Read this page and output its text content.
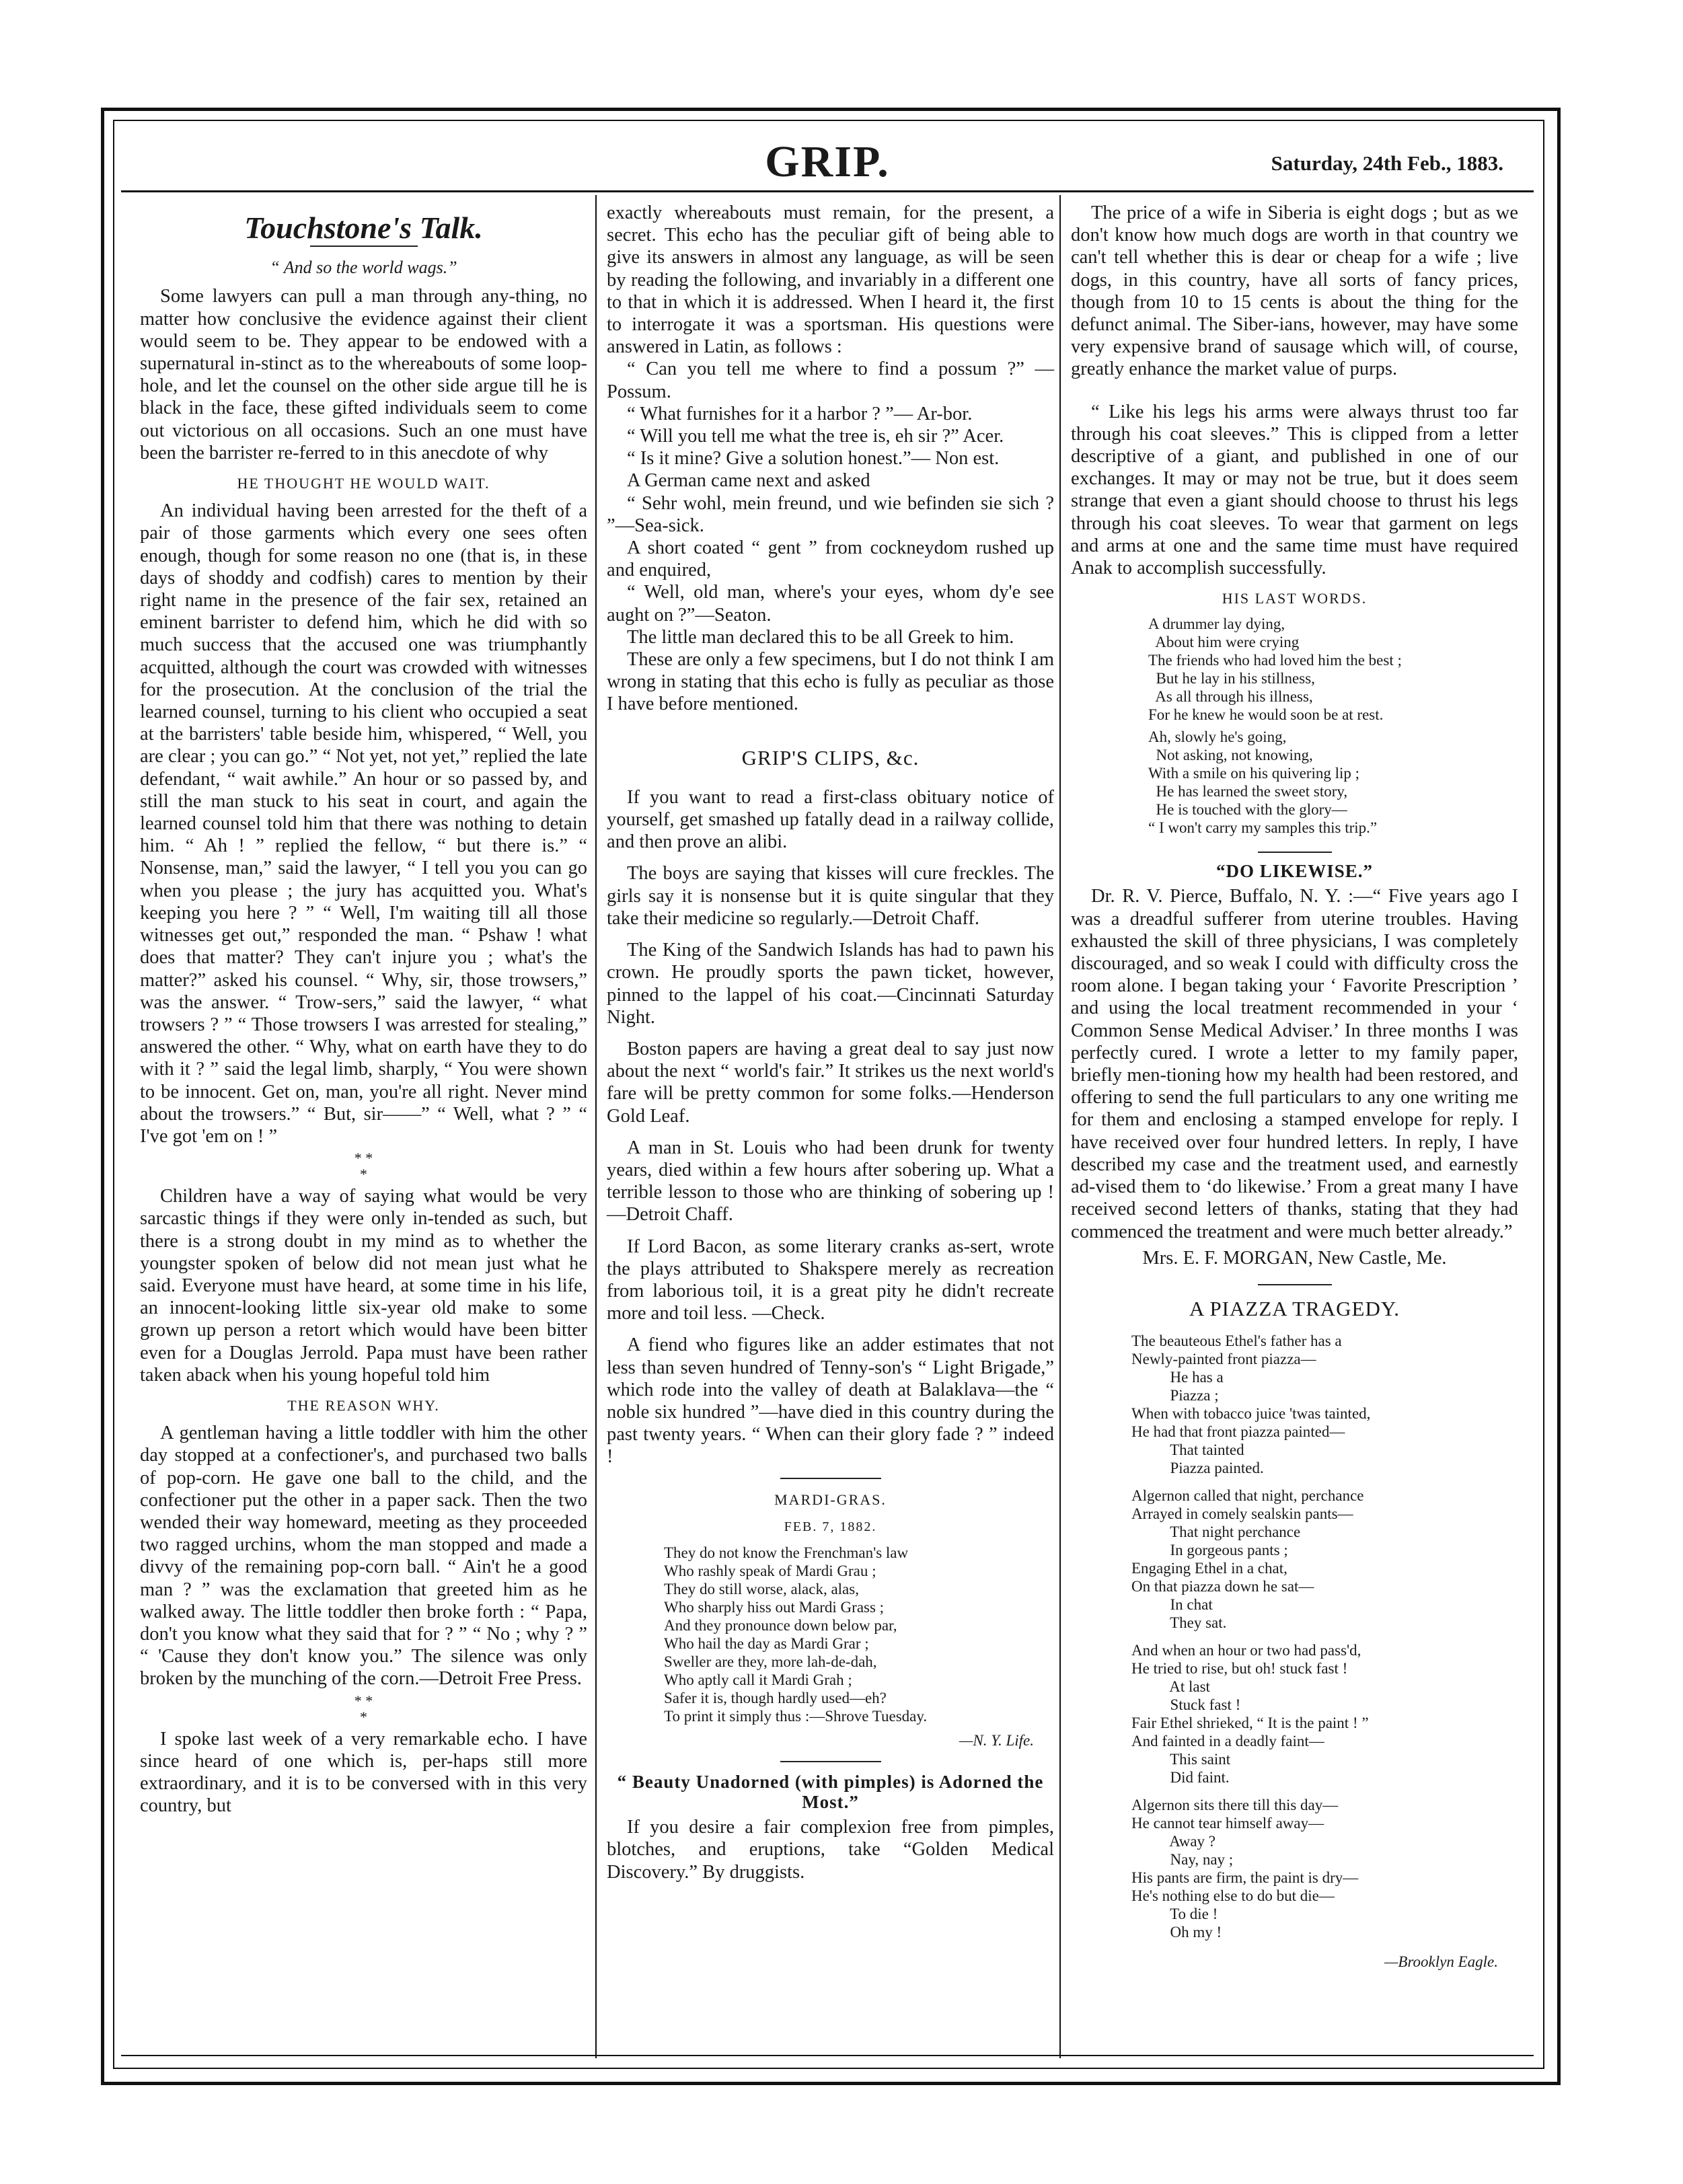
GRIP.	Saturday, 24th Feb., 1883.
Touchstone's Talk.
“ And so the world wags.”

Some lawyers can pull a man through any-thing, no matter how conclusive the evidence against their client would seem to be. They appear to be endowed with a supernatural in-stinct as to the whereabouts of some loop-hole, and let the counsel on the other side argue till he is black in the face, these gifted individuals seem to come out victorious on all occasions. Such an one must have been the barrister re-ferred to in this anecdote of why

HE THOUGHT HE WOULD WAIT.

An individual having been arrested for the theft of a pair of those garments which every one sees often enough, though for some reason no one (that is, in these days of shoddy and codfish) cares to mention by their right name in the presence of the fair sex, retained an eminent barrister to defend him, which he did with so much success that the accused one was triumphantly acquitted, although the court was crowded with witnesses for the prosecution. At the conclusion of the trial the learned counsel, turning to his client who occupied a seat at the barristers' table beside him, whispered, “ Well, you are clear ; you can go.” “ Not yet, not yet,” replied the late defendant, “ wait awhile.” An hour or so passed by, and still the man stuck to his seat in court, and again the learned counsel told him that there was nothing to detain him. “ Ah ! ” replied the fellow, “ but there is.” “ Nonsense, man,” said the lawyer, “ I tell you you can go when you please ; the jury has acquitted you. What's keeping you here ? ” “ Well, I'm waiting till all those witnesses get out,” responded the man. “ Pshaw ! what does that matter? They can't injure you ; what's the matter?” asked his counsel. “ Why, sir, those trowsers,” was the answer. “ Trow-sers,” said the lawyer, “ what trowsers ? ” “ Those trowsers I was arrested for stealing,” answered the other. “ Why, what on earth have they to do with it ? ” said the legal limb, sharply, “ You were shown to be innocent. Get on, man, you're all right. Never mind about the trowsers.” “ But, sir——” “ Well, what ? ” “ I've got 'em on ! ”

* *
*

Children have a way of saying what would be very sarcastic things if they were only in-tended as such, but there is a strong doubt in my mind as to whether the youngster spoken of below did not mean just what he said. Everyone must have heard, at some time in his life, an innocent-looking little six-year old make to some grown up person a retort which would have been bitter even for a Douglas Jerrold. Papa must have been rather taken aback when his young hopeful told him

THE REASON WHY.

A gentleman having a little toddler with him the other day stopped at a confectioner's, and purchased two balls of pop-corn. He gave one ball to the child, and the confectioner put the other in a paper sack. Then the two wended their way homeward, meeting as they proceeded two ragged urchins, whom the man stopped and made a divvy of the remaining pop-corn ball. “ Ain't he a good man ? ” was the exclamation that greeted him as he walked away. The little toddler then broke forth : “ Papa, don't you know what they said that for ? ” “ No ; why ? ” “ 'Cause they don't know you.” The silence was only broken by the munching of the corn.—Detroit Free Press.

* *
*

I spoke last week of a very remarkable echo. I have since heard of one which is, per-haps still more extraordinary, and it is to be conversed with in this very country, but

exactly whereabouts must remain, for the present, a secret. This echo has the peculiar gift of being able to give its answers in almost any language, as will be seen by reading the following, and invariably in a different one to that in which it is addressed. When I heard it, the first to interrogate it was a sportsman. His questions were answered in Latin, as follows :

“ Can you tell me where to find a possum ?” —Possum.

“ What furnishes for it a harbor ? ”— Ar-bor.

“ Will you tell me what the tree is, eh sir ?” Acer.

“ Is it mine? Give a solution honest.”— Non est.

A German came next and asked

“ Sehr wohl, mein freund, und wie befinden sie sich ? ”—Sea-sick.

A short coated “ gent ” from cockneydom rushed up and enquired,

“ Well, old man, where's your eyes, whom dy'e see aught on ?”—Seaton.

The little man declared this to be all Greek to him.

These are only a few specimens, but I do not think I am wrong in stating that this echo is fully as peculiar as those I have before mentioned.

GRIP'S CLIPS, &c.

If you want to read a first-class obituary notice of yourself, get smashed up fatally dead in a railway collide, and then prove an alibi.

The boys are saying that kisses will cure freckles. The girls say it is nonsense but it is quite singular that they take their medicine so regularly.—Detroit Chaff.

The King of the Sandwich Islands has had to pawn his crown. He proudly sports the pawn ticket, however, pinned to the lappel of his coat.—Cincinnati Saturday Night.

Boston papers are having a great deal to say just now about the next “ world's fair.” It strikes us the next world's fare will be pretty common for some folks.—Henderson Gold Leaf.

A man in St. Louis who had been drunk for twenty years, died within a few hours after sobering up. What a terrible lesson to those who are thinking of sobering up !—Detroit Chaff.

If Lord Bacon, as some literary cranks as-sert, wrote the plays attributed to Shakspere merely as recreation from laborious toil, it is a great pity he didn't recreate more and toil less. —Check.

A fiend who figures like an adder estimates that not less than seven hundred of Tenny-son's “ Light Brigade,” which rode into the valley of death at Balaklava—the “ noble six hundred ”—have died in this country during the past twenty years. “ When can their glory fade ? ” indeed !

MARDI-GRAS.
FEB. 7, 1882.
They do not know the Frenchman's law
Who rashly speak of Mardi Grau ;
They do still worse, alack, alas,
Who sharply hiss out Mardi Grass ;
And they pronounce down below par,
Who hail the day as Mardi Grar ;
Sweller are they, more lah-de-dah,
Who aptly call it Mardi Grah ;
Safer it is, though hardly used—eh?
To print it simply thus :—Shrove Tuesday.
—N. Y. Life.
“ Beauty Unadorned (with pimples) is Adorned the Most.”

If you desire a fair complexion free from pimples, blotches, and eruptions, take “Golden Medical Discovery.” By druggists.

The price of a wife in Siberia is eight dogs ; but as we don't know how much dogs are worth in that country we can't tell whether this is dear or cheap for a wife ; live dogs, in this country, have all sorts of fancy prices, though from 10 to 15 cents is about the thing for the defunct animal. The Siber-ians, however, may have some very expensive brand of sausage which will, of course, greatly enhance the market value of purps.

“ Like his legs his arms were always thrust too far through his coat sleeves.” This is clipped from a letter descriptive of a giant, and published in one of our exchanges. It may or may not be true, but it does seem strange that even a giant should choose to thrust his legs through his coat sleeves. To wear that garment on legs and arms at one and the same time must have required Anak to accomplish successfully.

HIS LAST WORDS.
A drummer lay dying,
About him were crying
The friends who had loved him the best ;
But he lay in his stillness,
As all through his illness,
For he knew he would soon be at rest.
Ah, slowly he's going,
Not asking, not knowing,
With a smile on his quivering lip ;
He has learned the sweet story,
He is touched with the glory—
“ I won't carry my samples this trip.”
“DO LIKEWISE.”

Dr. R. V. Pierce, Buffalo, N. Y. :—“ Five years ago I was a dreadful sufferer from uterine troubles. Having exhausted the skill of three physicians, I was completely discouraged, and so weak I could with difficulty cross the room alone. I began taking your ‘ Favorite Prescription ’ and using the local treatment recommended in your ‘ Common Sense Medical Adviser.’ In three months I was perfectly cured. I wrote a letter to my family paper, briefly men-tioning how my health had been restored, and offering to send the full particulars to any one writing me for them and enclosing a stamped envelope for reply. I have received over four hundred letters. In reply, I have described my case and the treatment used, and earnestly ad-vised them to ‘do likewise.’ From a great many I have received second letters of thanks, stating that they had commenced the treatment and were much better already.”

Mrs. E. F. MORGAN, New Castle, Me.

A PIAZZA TRAGEDY.
The beauteous Ethel's father has a
Newly-painted front piazza—
He has a
Piazza ;
When with tobacco juice 'twas tainted,
He had that front piazza painted—
That tainted
Piazza painted.
Algernon called that night, perchance
Arrayed in comely sealskin pants—
That night perchance
In gorgeous pants ;
Engaging Ethel in a chat,
On that piazza down he sat—
In chat
They sat.
And when an hour or two had pass'd,
He tried to rise, but oh! stuck fast !
At last
Stuck fast !
Fair Ethel shrieked, “ It is the paint ! ”
And fainted in a deadly faint—
This saint
Did faint.
Algernon sits there till this day—
He cannot tear himself away—
Away ?
Nay, nay ;
His pants are firm, the paint is dry—
He's nothing else to do but die—
To die !
Oh my !
—Brooklyn Eagle.
